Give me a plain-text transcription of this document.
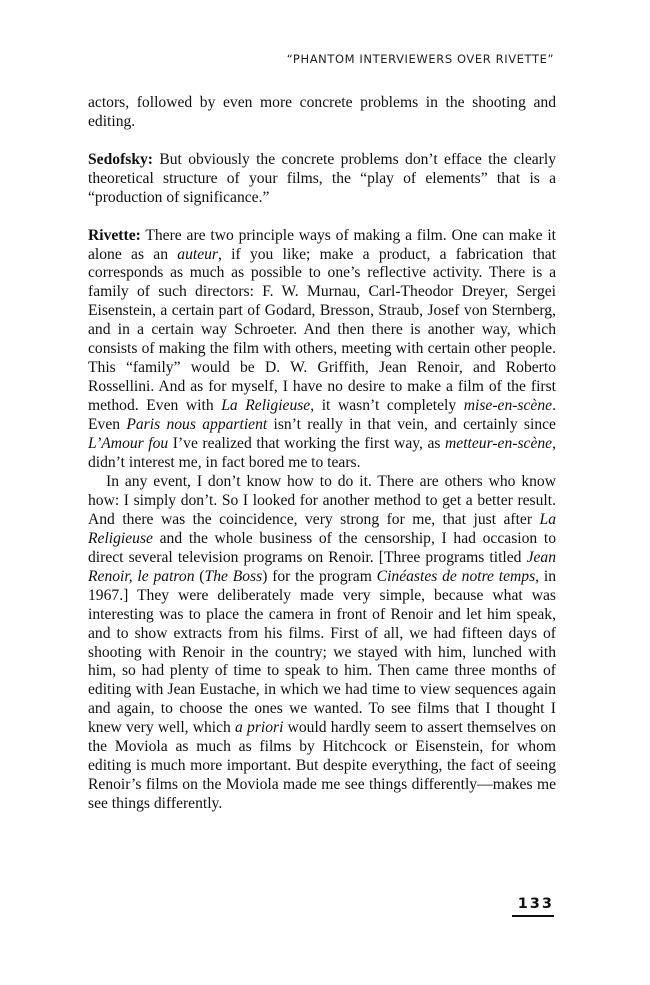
“PHANTOM INTERVIEWERS OVER RIVETTE”

actors, followed by even more concrete problems in the shooting and editing.

Sedofsky: But obviously the concrete problems don’t efface the clearly theoretical structure of your films, the “play of elements” that is a “production of significance.”

Rivette: There are two principle ways of making a film. One can make it alone as an auteur, if you like; make a product, a fabrication that corresponds as much as possible to one’s reflective activity. There is a family of such directors: F. W. Murnau, Carl-Theodor Dreyer, Sergei Eisenstein, a certain part of Godard, Bresson, Straub, Josef von Sternberg, and in a certain way Schroeter. And then there is another way, which consists of making the film with others, meeting with certain other people. This “family” would be D. W. Griffith, Jean Renoir, and Roberto Rossellini. And as for myself, I have no desire to make a film of the first method. Even with La Religieuse, it wasn’t completely mise-en-scène. Even Paris nous appartient isn’t really in that vein, and certainly since L’Amour fou I’ve realized that working the first way, as metteur-en-scène, didn’t interest me, in fact bored me to tears.

In any event, I don’t know how to do it. There are others who know how: I simply don’t. So I looked for another method to get a better result. And there was the coincidence, very strong for me, that just after La Religieuse and the whole business of the censorship, I had occasion to direct several television programs on Renoir. [Three programs titled Jean Renoir, le patron (The Boss) for the program Cinéastes de notre temps, in 1967.] They were deliberately made very simple, because what was interesting was to place the camera in front of Renoir and let him speak, and to show extracts from his films. First of all, we had fifteen days of shooting with Renoir in the country; we stayed with him, lunched with him, so had plenty of time to speak to him. Then came three months of editing with Jean Eustache, in which we had time to view sequences again and again, to choose the ones we wanted. To see films that I thought I knew very well, which a priori would hardly seem to assert themselves on the Moviola as much as films by Hitchcock or Eisenstein, for whom editing is much more important. But despite everything, the fact of seeing Renoir’s films on the Moviola made me see things differently—makes me see things differently.

133
